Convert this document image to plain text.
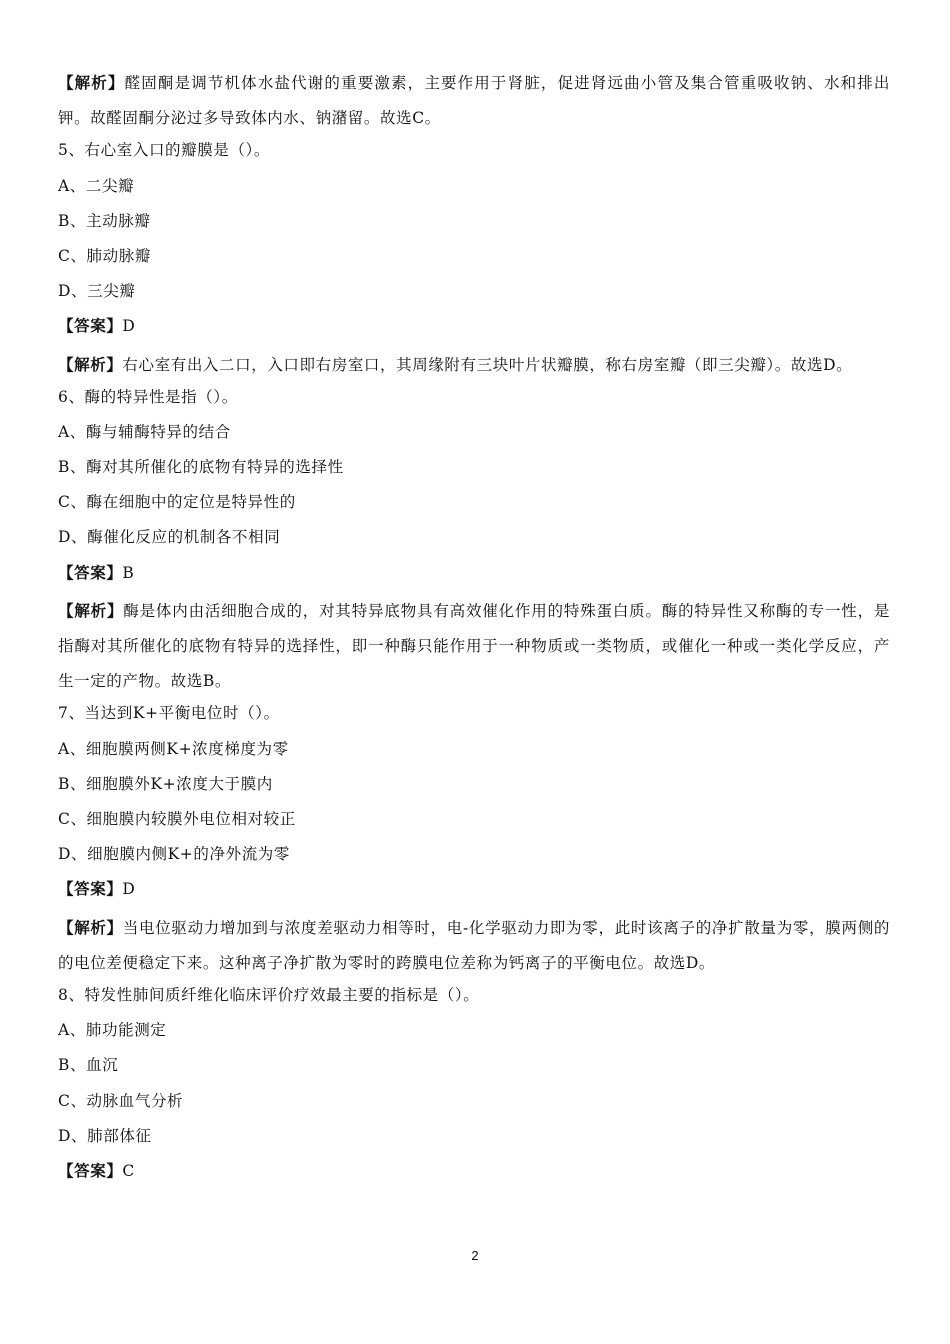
【解析】醛固酮是调节机体水盐代谢的重要激素，主要作用于肾脏，促进肾远曲小管及集合管重吸收钠、水和排出钾。故醛固酮分泌过多导致体内水、钠潴留。故选C。
5、右心室入口的瓣膜是（）。
A、二尖瓣
B、主动脉瓣
C、肺动脉瓣
D、三尖瓣
【答案】D
【解析】右心室有出入二口，入口即右房室口，其周缘附有三块叶片状瓣膜，称右房室瓣（即三尖瓣）。故选D。
6、酶的特异性是指（）。
A、酶与辅酶特异的结合
B、酶对其所催化的底物有特异的选择性
C、酶在细胞中的定位是特异性的
D、酶催化反应的机制各不相同
【答案】B
【解析】酶是体内由活细胞合成的，对其特异底物具有高效催化作用的特殊蛋白质。酶的特异性又称酶的专一性，是指酶对其所催化的底物有特异的选择性，即一种酶只能作用于一种物质或一类物质，或催化一种或一类化学反应，产生一定的产物。故选B。
7、当达到K+平衡电位时（）。
A、细胞膜两侧K+浓度梯度为零
B、细胞膜外K+浓度大于膜内
C、细胞膜内较膜外电位相对较正
D、细胞膜内侧K+的净外流为零
【答案】D
【解析】当电位驱动力增加到与浓度差驱动力相等时，电-化学驱动力即为零，此时该离子的净扩散量为零，膜两侧的的电位差便稳定下来。这种离子净扩散为零时的跨膜电位差称为钙离子的平衡电位。故选D。
8、特发性肺间质纤维化临床评价疗效最主要的指标是（）。
A、肺功能测定
B、血沉
C、动脉血气分析
D、肺部体征
【答案】C
2
